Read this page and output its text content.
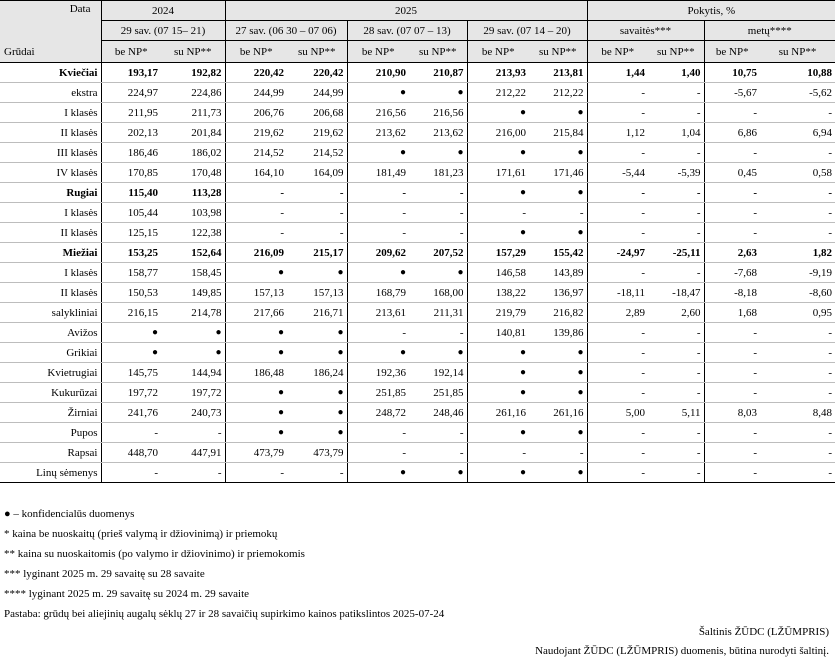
Data
Grūdai	2024		2025						Pokytis, %			
	29 sav. (07 15– 21)		27 sav. (06 30 – 07 06)		28 sav. (07 07 – 13)		29 sav. (07 14 – 20)		savaitės***		metų****	
	be NP*	su NP**	be NP*	su NP**	be NP*	su NP**	be NP*	su NP**	be NP*	su NP**	be NP*	su NP**
Kviečiai	193,17	192,82	220,42	220,42	210,90	210,87	213,93	213,81	1,44	1,40	10,75	10,88
ekstra	224,97	224,86	244,99	244,99	●	●	212,22	212,22	-	-	-5,67	-5,62
I klasės	211,95	211,73	206,76	206,68	216,56	216,56	●	●	-	-	-	-
II klasės	202,13	201,84	219,62	219,62	213,62	213,62	216,00	215,84	1,12	1,04	6,86	6,94
III klasės	186,46	186,02	214,52	214,52	●	●	●	●	-	-	-	-
IV klasės	170,85	170,48	164,10	164,09	181,49	181,23	171,61	171,46	-5,44	-5,39	0,45	0,58
Rugiai	115,40	113,28	-	-	-	-	●	●	-	-	-	-
I klasės	105,44	103,98	-	-	-	-	-	-	-	-	-	-
II klasės	125,15	122,38	-	-	-	-	●	●	-	-	-	-
Miežiai	153,25	152,64	216,09	215,17	209,62	207,52	157,29	155,42	-24,97	-25,11	2,63	1,82
I klasės	158,77	158,45	●	●	●	●	146,58	143,89	-	-	-7,68	-9,19
II klasės	150,53	149,85	157,13	157,13	168,79	168,00	138,22	136,97	-18,11	-18,47	-8,18	-8,60
salykliniai	216,15	214,78	217,66	216,71	213,61	211,31	219,79	216,82	2,89	2,60	1,68	0,95
Avižos	●	●	●	●	-	-	140,81	139,86	-	-	-	-
Grikiai	●	●	●	●	●	●	●	●	-	-	-	-
Kvietrugiai	145,75	144,94	186,48	186,24	192,36	192,14	●	●	-	-	-	-
Kukurūzai	197,72	197,72	●	●	251,85	251,85	●	●	-	-	-	-
Žirniai	241,76	240,73	●	●	248,72	248,46	261,16	261,16	5,00	5,11	8,03	8,48
Pupos	-	-	●	●	-	-	●	●	-	-	-	-
Rapsai	448,70	447,91	473,79	473,79	-	-	-	-	-	-	-	-
Linų sėmenys	-	-	-	-	●	●	●	●	-	-	-	-
● – konfidencialūs duomenys
* kaina be nuoskaitų (prieš valymą ir džiovinimą) ir priemokų
** kaina su nuoskaitomis (po valymo ir džiovinimo) ir priemokomis
*** lyginant 2025 m. 29 savaitę su 28 savaite
**** lyginant 2025 m. 29 savaitę su 2024 m. 29 savaite
Pastaba: grūdų bei aliejinių augalų sėklų 27 ir 28 savaičių supirkimo kainos patikslintos 2025-07-24
Šaltinis ŽŪDC (LŽŪMPRIS)
Naudojant ŽŪDC (LŽŪMPRIS) duomenis, būtina nurodyti šaltinį.
